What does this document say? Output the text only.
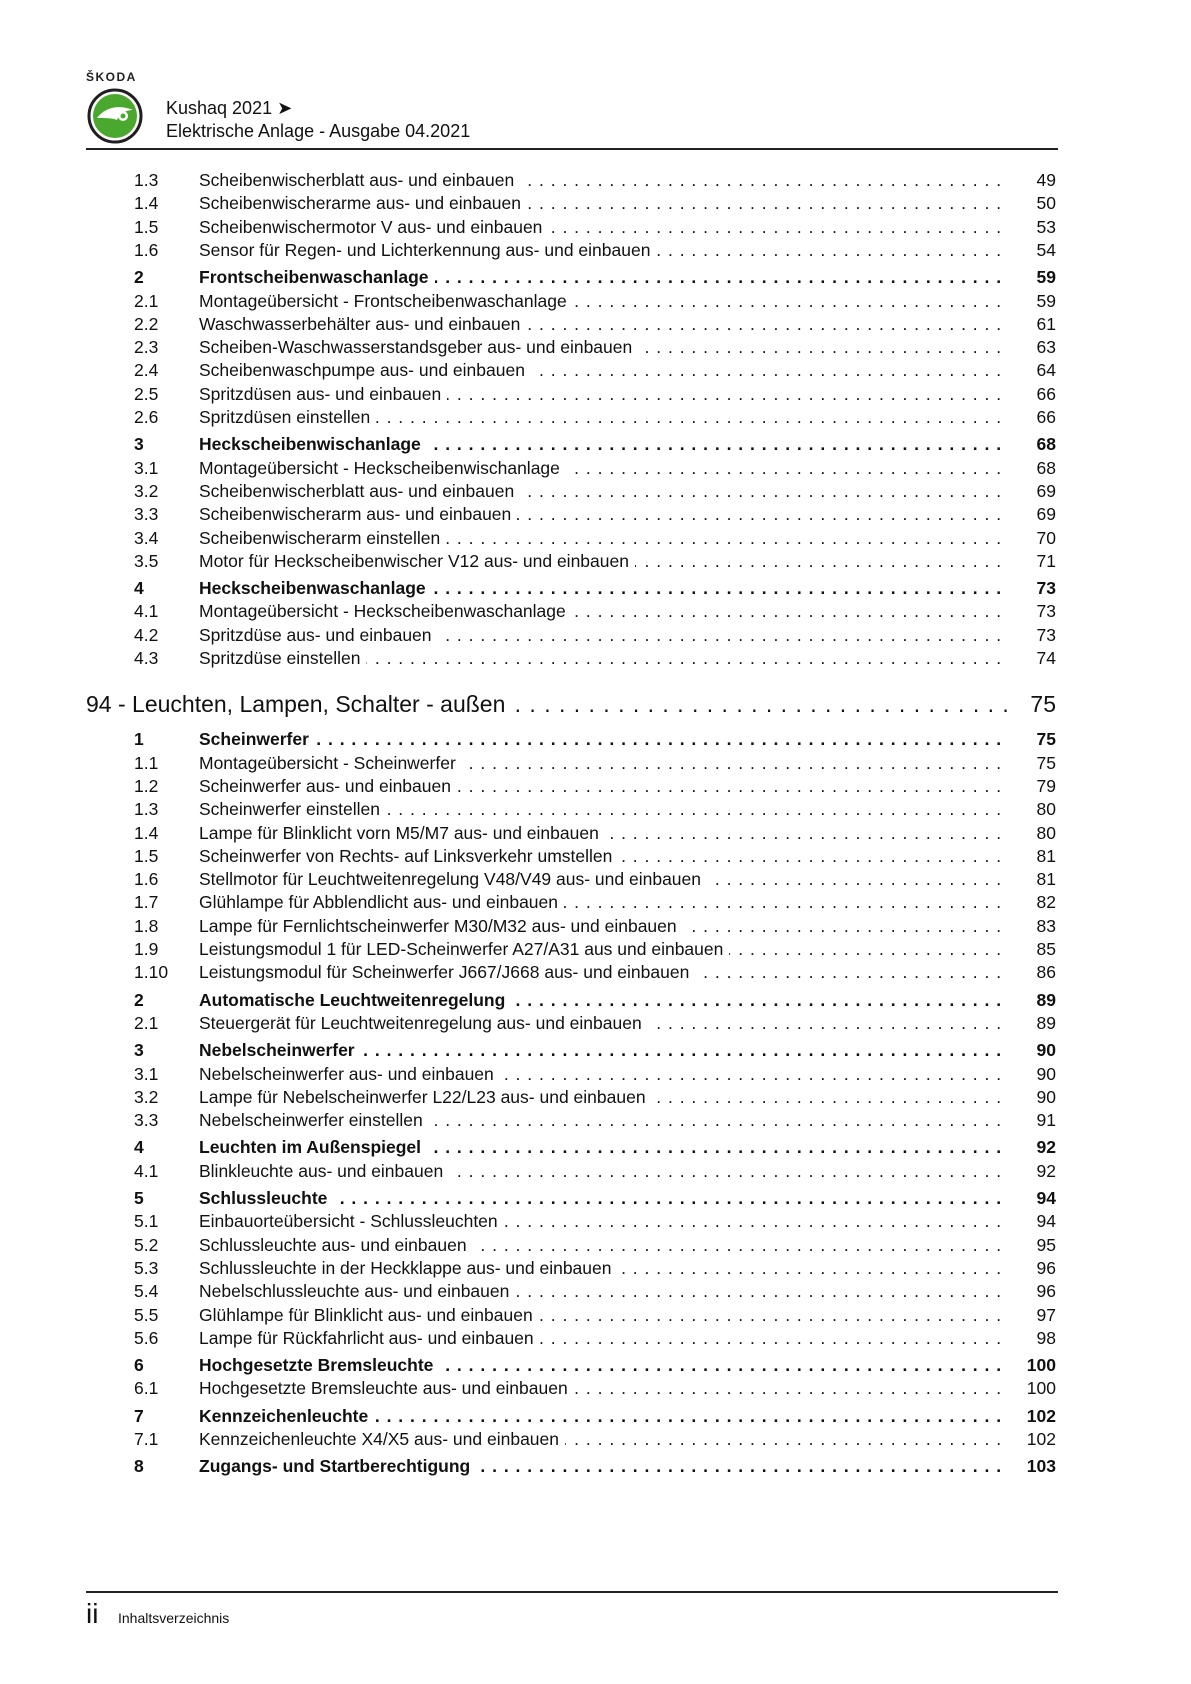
ŠKODA
Kushaq 2021 ➤
Elektrische Anlage - Ausgabe 04.2021
1.3 Scheibenwischerblatt aus- und einbauen . . .	49
1.4 Scheibenwischerarme aus- und einbauen . . .	50
1.5 Scheibenwischermotor V aus- und einbauen . . .	53
1.6 Sensor für Regen- und Lichterkennung aus- und einbauen . . .	54
2	Frontscheibenwaschanlage . . .	59
2.1 Montageübersicht - Frontscheibenwaschanlage . . .	59
2.2 Waschwasserbehälter aus- und einbauen . . .	61
2.3 Scheiben-Waschwasserstandsgeber aus- und einbauen . . .	63
2.4 Scheibenwaschpumpe aus- und einbauen . . .	64
2.5 Spritzdüsen aus- und einbauen . . .	66
2.6 Spritzdüsen einstellen . . .	66
3	Heckscheibenwischanlage . . .	68
3.1 Montageübersicht - Heckscheibenwischanlage . . .	68
3.2 Scheibenwischerblatt aus- und einbauen . . .	69
3.3 Scheibenwischerarm aus- und einbauen . . .	69
3.4 Scheibenwischerarm einstellen . . .	70
3.5 Motor für Heckscheibenwischer V12 aus- und einbauen . . .	71
4	Heckscheibenwaschanlage . . .	73
4.1 Montageübersicht - Heckscheibenwaschanlage . . .	73
4.2 Spritzdüse aus- und einbauen . . .	73
4.3 Spritzdüse einstellen . . .	74
94 - Leuchten, Lampen, Schalter - außen . . .	75
1	Scheinwerfer . . .	75
1.1 Montageübersicht - Scheinwerfer . . .	75
1.2 Scheinwerfer aus- und einbauen . . .	79
1.3 Scheinwerfer einstellen . . .	80
1.4 Lampe für Blinklicht vorn M5/M7 aus- und einbauen . . .	80
1.5 Scheinwerfer von Rechts- auf Linksverkehr umstellen . . .	81
1.6 Stellmotor für Leuchtweitenregelung V48/V49 aus- und einbauen . . .	81
1.7 Glühlampe für Abblendlicht aus- und einbauen . . .	82
1.8 Lampe für Fernlichtscheinwerfer M30/M32 aus- und einbauen . . .	83
1.9 Leistungsmodul 1 für LED-Scheinwerfer A27/A31 aus und einbauen . . .	85
1.10 Leistungsmodul für Scheinwerfer J667/J668 aus- und einbauen . . .	86
2	Automatische Leuchtweitenregelung . . .	89
2.1 Steuergerät für Leuchtweitenregelung aus- und einbauen . . .	89
3	Nebelscheinwerfer . . .	90
3.1 Nebelscheinwerfer aus- und einbauen . . .	90
3.2 Lampe für Nebelscheinwerfer L22/L23 aus- und einbauen . . .	90
3.3 Nebelscheinwerfer einstellen . . .	91
4	Leuchten im Außenspiegel . . .	92
4.1 Blinkleuchte aus- und einbauen . . .	92
5	Schlussleuchte . . .	94
5.1 Einbauorteübersicht - Schlussleuchten . . .	94
5.2 Schlussleuchte aus- und einbauen . . .	95
5.3 Schlussleuchte in der Heckklappe aus- und einbauen . . .	96
5.4 Nebelschlussleuchte aus- und einbauen . . .	96
5.5 Glühlampe für Blinklicht aus- und einbauen . . .	97
5.6 Lampe für Rückfahrlicht aus- und einbauen . . .	98
6	Hochgesetzte Bremsleuchte . . .	100
6.1 Hochgesetzte Bremsleuchte aus- und einbauen . . .	100
7	Kennzeichenleuchte . . .	102
7.1 Kennzeichenleuchte X4/X5 aus- und einbauen . . .	102
8	Zugangs- und Startberechtigung . . .	103
ii Inhaltsverzeichnis
